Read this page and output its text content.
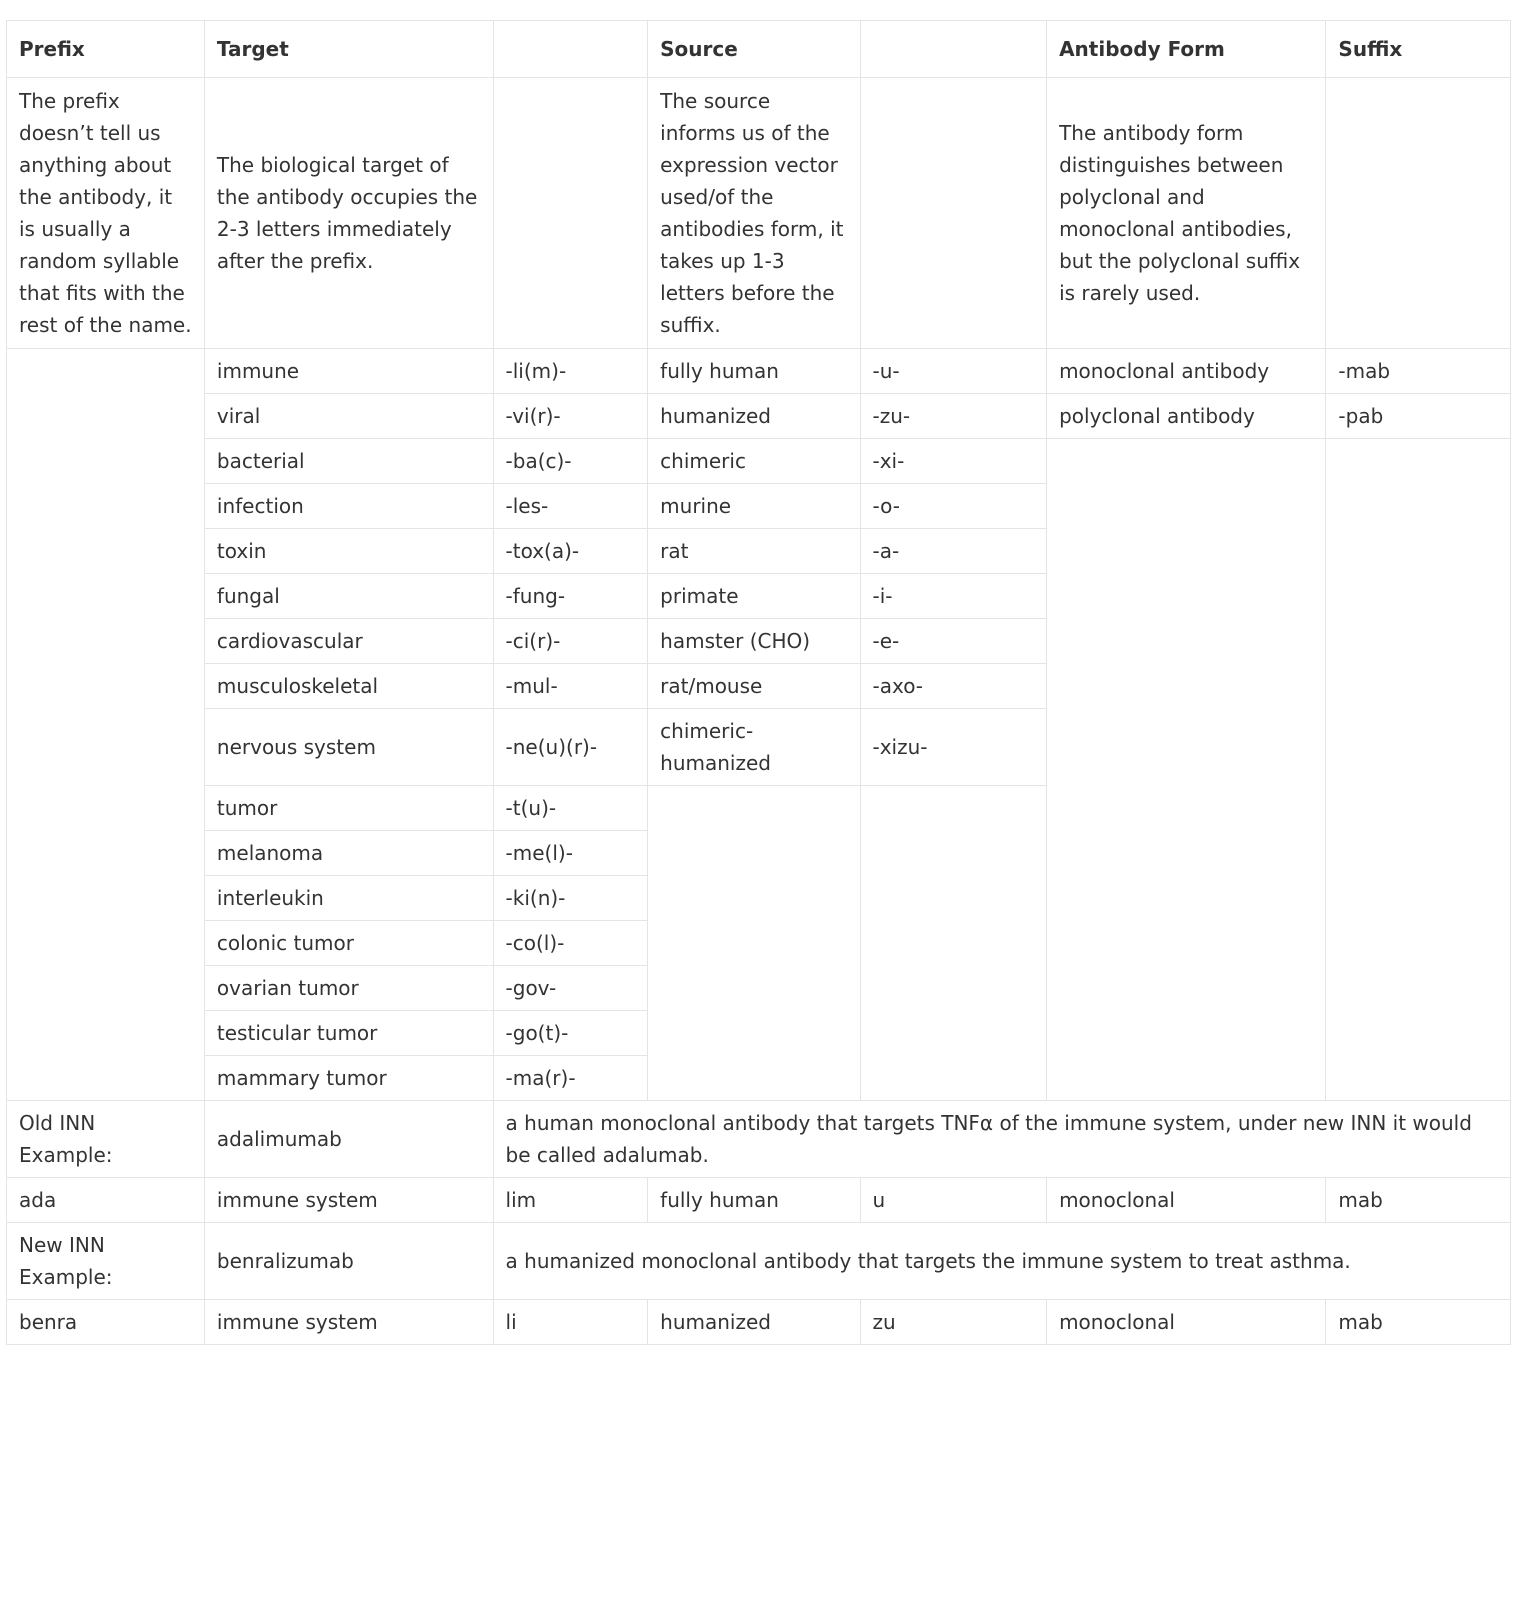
Prefix	Target		Source		Antibody Form	Suffix
The prefix doesn’t tell us anything about the antibody, it is usually a random syllable that fits with the rest of the name.	The biological target of the antibody occupies the 2-3 letters immediately after the prefix.		The source informs us of the expression vector used/of the antibodies form, it takes up 1-3 letters before the suffix.		The antibody form distinguishes between polyclonal and monoclonal antibodies, but the polyclonal suffix is rarely used.	
	immune	-li(m)-	fully human	-u-	monoclonal antibody	-mab
	viral	-vi(r)-	humanized	-zu-	polyclonal antibody	-pab
	bacterial	-ba(c)-	chimeric	-xi-		
	infection	-les-	murine	-o-		
	toxin	-tox(a)-	rat	-a-		
	fungal	-fung-	primate	-i-		
	cardiovascular	-ci(r)-	hamster (CHO)	-e-		
	musculoskeletal	-mul-	rat/mouse	-axo-		
	nervous system	-ne(u)(r)-	chimeric-humanized	-xizu-		
	tumor	-t(u)-				
	melanoma	-me(l)-				
	interleukin	-ki(n)-				
	colonic tumor	-co(l)-				
	ovarian tumor	-gov-				
	testicular tumor	-go(t)-				
	mammary tumor	-ma(r)-				
Old INN Example:	adalimumab	a human monoclonal antibody that targets TNFα of the immune system, under new INN it would be called adalumab.				
ada	immune system	lim	fully human	u	monoclonal	mab
New INN Example:	benralizumab	a humanized monoclonal antibody that targets the immune system to treat asthma.				
benra	immune system	li	humanized	zu	monoclonal	mab
